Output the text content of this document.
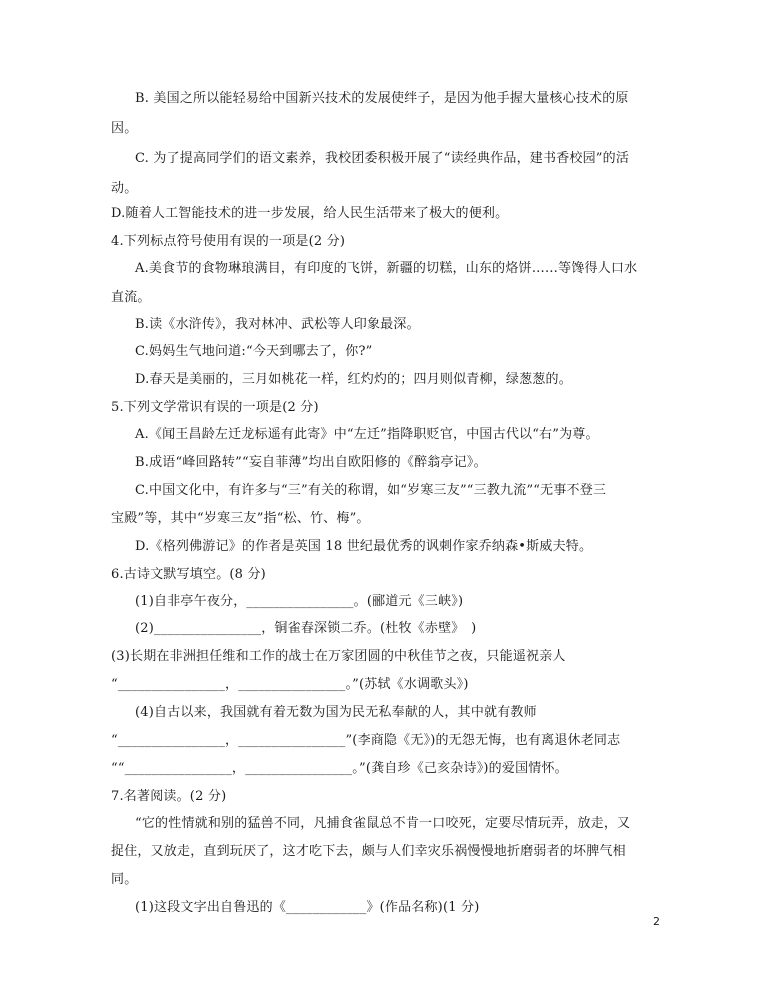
B. 美国之所以能轻易给中国新兴技术的发展使绊子，是因为他手握大量核心技术的原
因。
C. 为了提高同学们的语文素养，我校团委积极开展了“读经典作品，建书香校园”的活
动。
D.随着人工智能技术的进一步发展，给人民生活带来了极大的便利。
4.下列标点符号使用有误的一项是(2 分)
A.美食节的食物琳琅满目，有印度的飞饼，新疆的切糕，山东的烙饼……等馋得人口水
直流。
B.读《水浒传》，我对林冲、武松等人印象最深。
C.妈妈生气地问道:“今天到哪去了，你?”
D.春天是美丽的，三月如桃花一样，红灼灼的；四月则似青柳，绿葱葱的。
5.下列文学常识有误的一项是(2 分)
A.《闻王昌龄左迁龙标遥有此寄》中“左迁”指降职贬官，中国古代以“右”为尊。
B.成语“峰回路转”“妄自菲薄”均出自欧阳修的《醉翁亭记》。
C.中国文化中，有许多与“三”有关的称谓，如“岁寒三友”“三教九流”“无事不登三
宝殿”等，其中“岁寒三友”指“松、竹、梅”。
D.《格列佛游记》的作者是英国 18 世纪最优秀的讽刺作家乔纳森•斯威夫特。
6.古诗文默写填空。(8 分)
(1)自非亭午夜分，________________。(郦道元《三峡》)
(2)________________，铜雀春深锁二乔。(杜牧《赤壁》　)
(3)长期在非洲担任维和工作的战士在万家团圆的中秋佳节之夜，只能遥祝亲人
“________________，________________。”(苏轼《水调歌头》)
(4)自古以来，我国就有着无数为国为民无私奉献的人，其中就有教师
“________________，________________”(李商隐《无》)的无怨无悔，也有离退休老同志
““________________，________________。”(龚自珍《己亥杂诗》)的爱国情怀。
7.名著阅读。(2 分)
“它的性情就和别的猛兽不同，凡捕食雀鼠总不肯一口咬死，定要尽情玩弄，放走，又
捉住，又放走，直到玩厌了，这才吃下去，颇与人们幸灾乐祸慢慢地折磨弱者的坏脾气相
同。
(1)这段文字出自鲁迅的《____________》(作品名称)(1 分)
2
